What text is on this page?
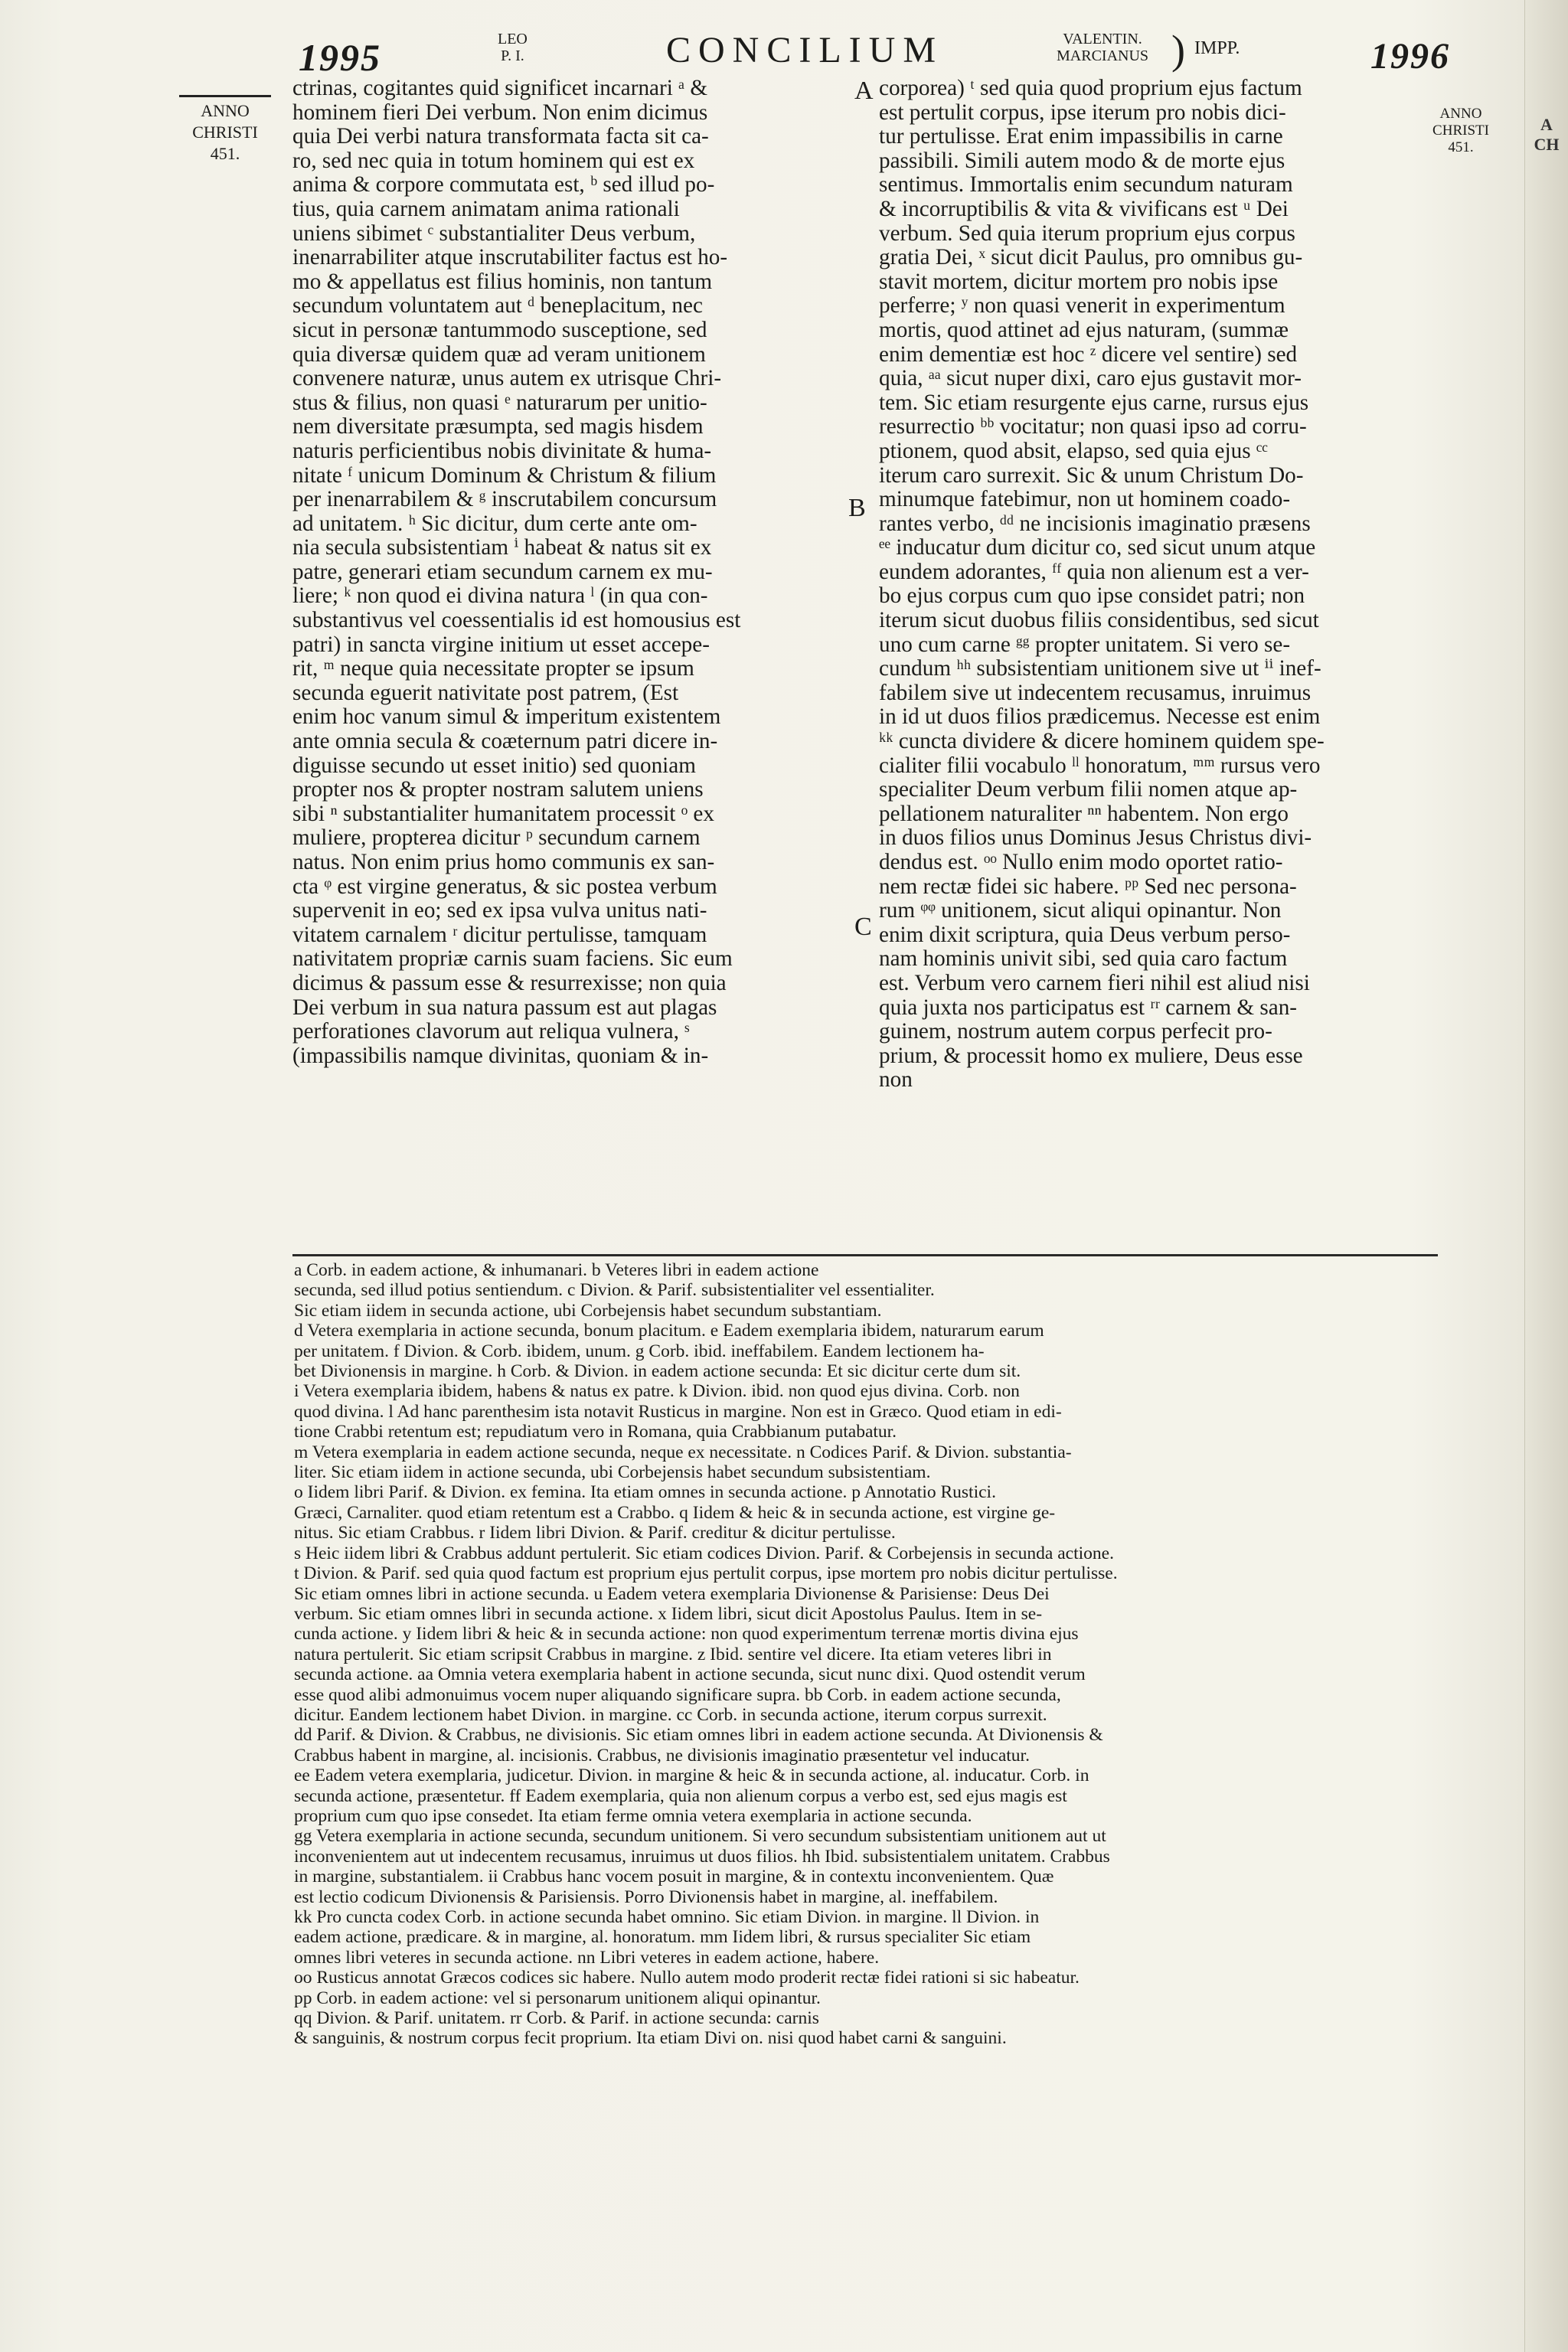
1995	LEO
P. I.	CONCILIUM	VALENTIN.
MARCIANUS ) IMPP.	1996
ANNO
CHRISTI
451.
ANNO
CHRISTI
451.
A
B
C

ctrinas, cogitantes quid significet incarnari ᵃ &

hominem fieri Dei verbum. Non enim dicimus

quia Dei verbi natura transformata facta sit ca-

ro, sed nec quia in totum hominem qui est ex

anima & corpore commutata est, ᵇ sed illud po-

tius, quia carnem animatam anima rationali

uniens sibimet ᶜ substantialiter Deus verbum,

inenarrabiliter atque inscrutabiliter factus est ho-

mo & appellatus est filius hominis, non tantum

secundum voluntatem aut ᵈ beneplacitum, nec

sicut in personæ tantummodo susceptione, sed

quia diversæ quidem quæ ad veram unitionem

convenere naturæ, unus autem ex utrisque Chri-

stus & filius, non quasi ᵉ naturarum per unitio-

nem diversitate præsumpta, sed magis hisdem

naturis perficientibus nobis divinitate & huma-

nitate ᶠ unicum Dominum & Christum & filium

per inenarrabilem & ᵍ inscrutabilem concursum

ad unitatem. ʰ Sic dicitur, dum certe ante om-

nia secula subsistentiam ⁱ habeat & natus sit ex

patre, generari etiam secundum carnem ex mu-

liere; ᵏ non quod ei divina natura ˡ (in qua con-

substantivus vel coessentialis id est homousius est

patri) in sancta virgine initium ut esset accepe-

rit, ᵐ neque quia necessitate propter se ipsum

secunda eguerit nativitate post patrem, (Est

enim hoc vanum simul & imperitum existentem

ante omnia secula & coæternum patri dicere in-

diguisse secundo ut esset initio) sed quoniam

propter nos & propter nostram salutem uniens

sibi ⁿ substantialiter humanitatem processit ᵒ ex

muliere, propterea dicitur ᵖ secundum carnem

natus. Non enim prius homo communis ex san-

cta ᵠ est virgine generatus, & sic postea verbum

supervenit in eo; sed ex ipsa vulva unitus nati-

vitatem carnalem ʳ dicitur pertulisse, tamquam

nativitatem propriæ carnis suam faciens. Sic eum

dicimus & passum esse & resurrexisse; non quia

Dei verbum in sua natura passum est aut plagas

perforationes clavorum aut reliqua vulnera, ˢ

(impassibilis namque divinitas, quoniam & in-

corporea) ᵗ sed quia quod proprium ejus factum

est pertulit corpus, ipse iterum pro nobis dici-

tur pertulisse. Erat enim impassibilis in carne

passibili. Simili autem modo & de morte ejus

sentimus. Immortalis enim secundum naturam

& incorruptibilis & vita & vivificans est ᵘ Dei

verbum. Sed quia iterum proprium ejus corpus

gratia Dei, ˣ sicut dicit Paulus, pro omnibus gu-

stavit mortem, dicitur mortem pro nobis ipse

perferre; ʸ non quasi venerit in experimentum

mortis, quod attinet ad ejus naturam, (summæ

enim dementiæ est hoc ᶻ dicere vel sentire) sed

quia, ᵃᵃ sicut nuper dixi, caro ejus gustavit mor-

tem. Sic etiam resurgente ejus carne, rursus ejus

resurrectio ᵇᵇ vocitatur; non quasi ipso ad corru-

ptionem, quod absit, elapso, sed quia ejus ᶜᶜ

iterum caro surrexit. Sic & unum Christum Do-

minumque fatebimur, non ut hominem coado-

rantes verbo, ᵈᵈ ne incisionis imaginatio præsens

ᵉᵉ inducatur dum dicitur co, sed sicut unum atque

eundem adorantes, ᶠᶠ quia non alienum est a ver-

bo ejus corpus cum quo ipse considet patri; non

iterum sicut duobus filiis considentibus, sed sicut

uno cum carne ᵍᵍ propter unitatem. Si vero se-

cundum ʰʰ subsistentiam unitionem sive ut ⁱⁱ inef-

fabilem sive ut indecentem recusamus, inruimus

in id ut duos filios prædicemus. Necesse est enim

ᵏᵏ cuncta dividere & dicere hominem quidem spe-

cialiter filii vocabulo ˡˡ honoratum, ᵐᵐ rursus vero

specialiter Deum verbum filii nomen atque ap-

pellationem naturaliter ⁿⁿ habentem. Non ergo

in duos filios unus Dominus Jesus Christus divi-

dendus est. ᵒᵒ Nullo enim modo oportet ratio-

nem rectæ fidei sic habere. ᵖᵖ Sed nec persona-

rum ᵠᵠ unitionem, sicut aliqui opinantur. Non

enim dixit scriptura, quia Deus verbum perso-

nam hominis univit sibi, sed quia caro factum

est. Verbum vero carnem fieri nihil est aliud nisi

quia juxta nos participatus est ʳʳ carnem & san-

guinem, nostrum autem corpus perfecit pro-

prium, & processit homo ex muliere, Deus esse

non

a Corb. in eadem actione, & inhumanari. b Veteres libri in eadem actione

secunda, sed illud potius sentiendum. c Divion. & Parif. subsistentialiter vel essentialiter.

Sic etiam iidem in secunda actione, ubi Corbejensis habet secundum substantiam.

d Vetera exemplaria in actione secunda, bonum placitum. e Eadem exemplaria ibidem, naturarum earum

per unitatem. f Divion. & Corb. ibidem, unum. g Corb. ibid. ineffabilem. Eandem lectionem ha-

bet Divionensis in margine. h Corb. & Divion. in eadem actione secunda: Et sic dicitur certe dum sit.

i Vetera exemplaria ibidem, habens & natus ex patre. k Divion. ibid. non quod ejus divina. Corb. non

quod divina. l Ad hanc parenthesim ista notavit Rusticus in margine. Non est in Græco. Quod etiam in edi-

tione Crabbi retentum est; repudiatum vero in Romana, quia Crabbianum putabatur.

m Vetera exemplaria in eadem actione secunda, neque ex necessitate. n Codices Parif. & Divion. substantia-

liter. Sic etiam iidem in actione secunda, ubi Corbejensis habet secundum subsistentiam.

o Iidem libri Parif. & Divion. ex femina. Ita etiam omnes in secunda actione. p Annotatio Rustici.

Græci, Carnaliter. quod etiam retentum est a Crabbo. q Iidem & heic & in secunda actione, est virgine ge-

nitus. Sic etiam Crabbus. r Iidem libri Divion. & Parif. creditur & dicitur pertulisse.

s Heic iidem libri & Crabbus addunt pertulerit. Sic etiam codices Divion. Parif. & Corbejensis in secunda actione.

t Divion. & Parif. sed quia quod factum est proprium ejus pertulit corpus, ipse mortem pro nobis dicitur pertulisse.

Sic etiam omnes libri in actione secunda. u Eadem vetera exemplaria Divionense & Parisiense: Deus Dei

verbum. Sic etiam omnes libri in secunda actione. x Iidem libri, sicut dicit Apostolus Paulus. Item in se-

cunda actione. y Iidem libri & heic & in secunda actione: non quod experimentum terrenæ mortis divina ejus

natura pertulerit. Sic etiam scripsit Crabbus in margine. z Ibid. sentire vel dicere. Ita etiam veteres libri in

secunda actione. aa Omnia vetera exemplaria habent in actione secunda, sicut nunc dixi. Quod ostendit verum

esse quod alibi admonuimus vocem nuper aliquando significare supra. bb Corb. in eadem actione secunda,

dicitur. Eandem lectionem habet Divion. in margine. cc Corb. in secunda actione, iterum corpus surrexit.

dd Parif. & Divion. & Crabbus, ne divisionis. Sic etiam omnes libri in eadem actione secunda. At Divionensis &

Crabbus habent in margine, al. incisionis. Crabbus, ne divisionis imaginatio præsentetur vel inducatur.

ee Eadem vetera exemplaria, judicetur. Divion. in margine & heic & in secunda actione, al. inducatur. Corb. in

secunda actione, præsentetur. ff Eadem exemplaria, quia non alienum corpus a verbo est, sed ejus magis est

proprium cum quo ipse consedet. Ita etiam ferme omnia vetera exemplaria in actione secunda.

gg Vetera exemplaria in actione secunda, secundum unitionem. Si vero secundum subsistentiam unitionem aut ut

inconvenientem aut ut indecentem recusamus, inruimus ut duos filios. hh Ibid. subsistentialem unitatem. Crabbus

in margine, substantialem. ii Crabbus hanc vocem posuit in margine, & in contextu inconvenientem. Quæ

est lectio codicum Divionensis & Parisiensis. Porro Divionensis habet in margine, al. ineffabilem.

kk Pro cuncta codex Corb. in actione secunda habet omnino. Sic etiam Divion. in margine. ll Divion. in

eadem actione, prædicare. & in margine, al. honoratum. mm Iidem libri, & rursus specialiter Sic etiam

omnes libri veteres in secunda actione. nn Libri veteres in eadem actione, habere.

oo Rusticus annotat Græcos codices sic habere. Nullo autem modo proderit rectæ fidei rationi si sic habeatur.

pp Corb. in eadem actione: vel si personarum unitionem aliqui opinantur.

qq Divion. & Parif. unitatem. rr Corb. & Parif. in actione secunda: carnis

& sanguinis, & nostrum corpus fecit proprium. Ita etiam Divi on. nisi quod habet carni & sanguini.

A
CH
